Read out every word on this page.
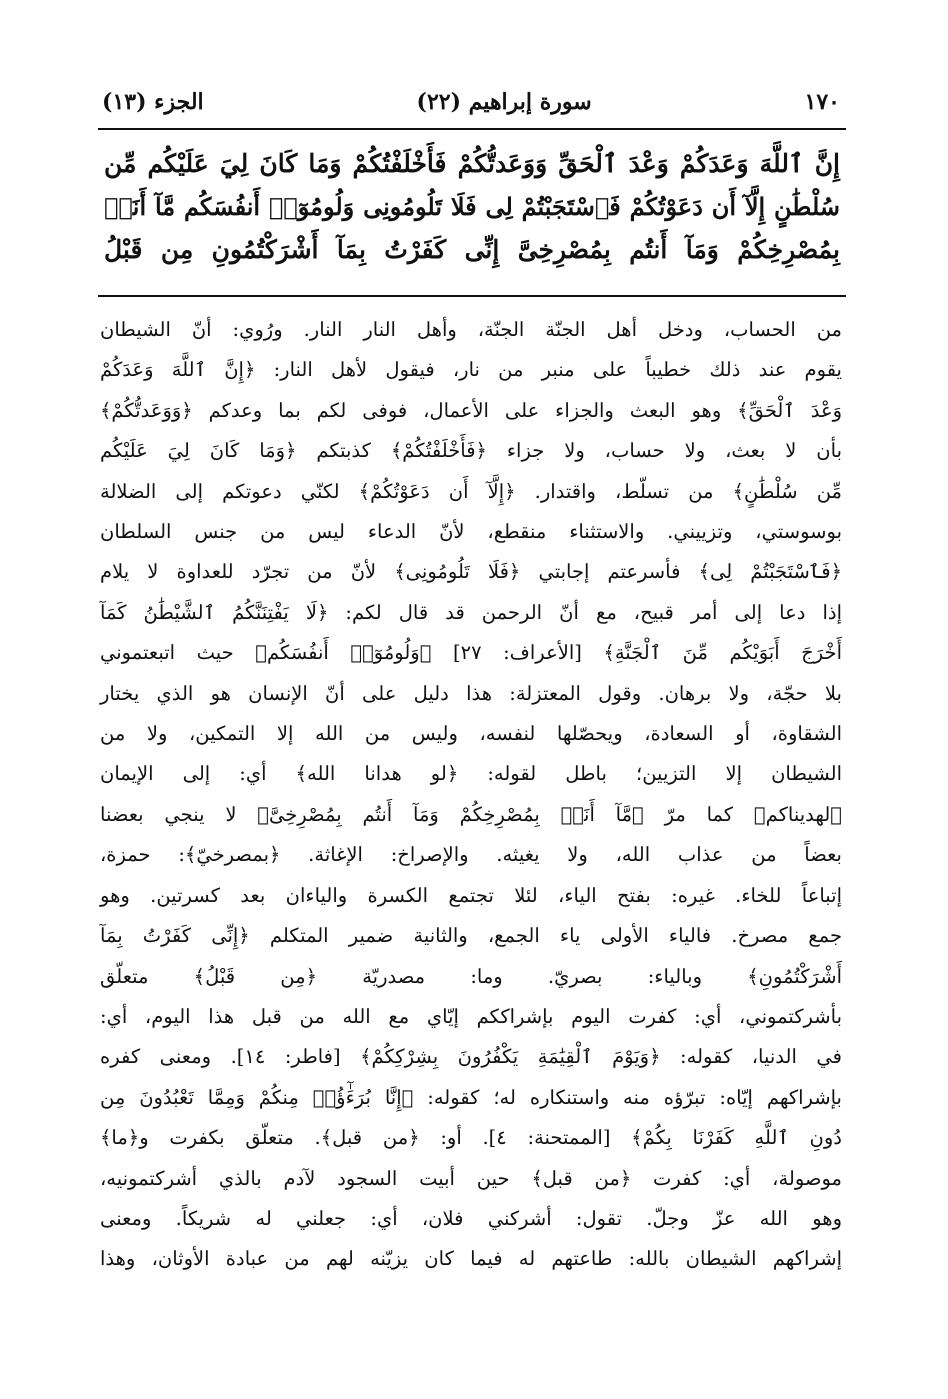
١٧٠
سورة إبراهيم (٢٢)
الجزء (١٣)
إِنَّ ٱللَّهَ وَعَدَكُمْ وَعْدَ ٱلْحَقِّ وَوَعَدتُّكُمْ فَأَخْلَفْتُكُمْ وَمَا كَانَ لِيَ عَلَيْكُم مِّن
سُلْطَٰنٍ إِلَّآ أَن دَعَوْتُكُمْ فَٱسْتَجَبْتُمْ لِى فَلَا تَلُومُونِى وَلُومُوٓا۟ أَنفُسَكُم مَّآ أَنَا۠
بِمُصْرِخِكُمْ وَمَآ أَنتُم بِمُصْرِخِىَّ إِنِّى كَفَرْتُ بِمَآ أَشْرَكْتُمُونِ مِن قَبْلُ
من الحساب، ودخل أهل الجنّة الجنّة، وأهل النار النار. ورُوي: أنّ الشيطان
يقوم عند ذلك خطيباً على منبر من نار، فيقول لأهل النار: ﴿إِنَّ ٱللَّهَ وَعَدَكُمْ
وَعْدَ ٱلْحَقِّ﴾ وهو البعث والجزاء على الأعمال، فوفى لكم بما وعدكم ﴿وَوَعَدتُّكُمْ﴾
بأن لا بعث، ولا حساب، ولا جزاء ﴿فَأَخْلَفْتُكُمْ﴾ كذبتكم ﴿وَمَا كَانَ لِيَ عَلَيْكُم
مِّن سُلْطَٰنٍ﴾ من تسلّط، واقتدار. ﴿إِلَّآ أَن دَعَوْتُكُمْ﴾ لكنّي دعوتكم إلى الضلالة
بوسوستي، وتزييني. والاستثناء منقطع، لأنّ الدعاء ليس من جنس السلطان
﴿فَٱسْتَجَبْتُمْ لِى﴾ فأسرعتم إجابتي ﴿فَلَا تَلُومُونِى﴾ لأنّ من تجرّد للعداوة لا يلام
إذا دعا إلى أمر قبيح، مع أنّ الرحمن قد قال لكم: ﴿لَا يَفْتِنَنَّكُمُ ٱلشَّيْطَٰنُ كَمَآ
أَخْرَجَ أَبَوَيْكُم مِّنَ ٱلْجَنَّةِ﴾ [الأعراف: ٢٧] ﴿وَلُومُوٓا۟ أَنفُسَكُم﴾ حيث اتبعتموني
بلا حجّة، ولا برهان. وقول المعتزلة: هذا دليل على أنّ الإنسان هو الذي يختار
الشقاوة، أو السعادة، ويحصّلها لنفسه، وليس من الله إلا التمكين، ولا من
الشيطان إلا التزيين؛ باطل لقوله: ﴿لو هدانا الله﴾ أي: إلى الإيمان
﴿لهديناكم﴾ كما مرّ ﴿مَّآ أَنَا۠ بِمُصْرِخِكُمْ وَمَآ أَنتُم بِمُصْرِخِىَّ﴾ لا ينجي بعضنا
بعضاً من عذاب الله، ولا يغيثه. والإصراخ: الإغاثة. ﴿بمصرخيّ﴾: حمزة،
إتباعاً للخاء. غيره: بفتح الياء، لئلا تجتمع الكسرة والياءان بعد كسرتين. وهو
جمع مصرخ. فالياء الأولى ياء الجمع، والثانية ضمير المتكلم ﴿إِنِّى كَفَرْتُ بِمَآ
أَشْرَكْتُمُونِ﴾ وبالياء: بصريّ. وما: مصدريّة ﴿مِن قَبْلُ﴾ متعلّق
بأشركتموني، أي: كفرت اليوم بإشراككم إيّاي مع الله من قبل هذا اليوم، أي:
في الدنيا، كقوله: ﴿وَيَوْمَ ٱلْقِيَٰمَةِ يَكْفُرُونَ بِشِرْكِكُمْ﴾ [فاطر: ١٤]. ومعنى كفره
بإشراكهم إيّاه: تبرّؤه منه واستنكاره له؛ كقوله: ﴿إِنَّا بُرَءَٰٓؤُا۟ مِنكُمْ وَمِمَّا تَعْبُدُونَ مِن
دُونِ ٱللَّهِ كَفَرْنَا بِكُمْ﴾ [الممتحنة: ٤]. أو: ﴿من قبل﴾. متعلّق بكفرت و﴿ما﴾
موصولة، أي: كفرت ﴿من قبل﴾ حين أبيت السجود لآدم بالذي أشركتمونيه،
وهو الله عزّ وجلّ. تقول: أشركني فلان، أي: جعلني له شريكاً. ومعنى
إشراكهم الشيطان بالله: طاعتهم له فيما كان يزيّنه لهم من عبادة الأوثان، وهذا
